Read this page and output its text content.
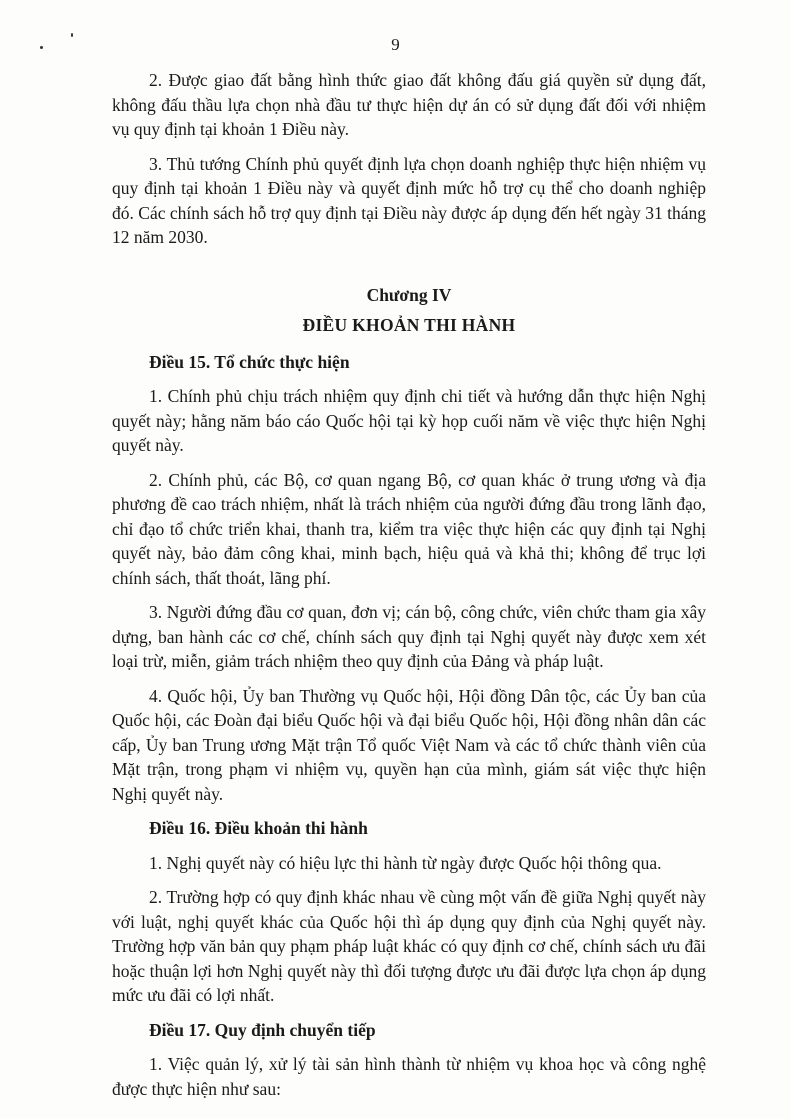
9

2. Được giao đất bằng hình thức giao đất không đấu giá quyền sử dụng đất, không đấu thầu lựa chọn nhà đầu tư thực hiện dự án có sử dụng đất đối với nhiệm vụ quy định tại khoản 1 Điều này.

3. Thủ tướng Chính phủ quyết định lựa chọn doanh nghiệp thực hiện nhiệm vụ quy định tại khoản 1 Điều này và quyết định mức hỗ trợ cụ thể cho doanh nghiệp đó. Các chính sách hỗ trợ quy định tại Điều này được áp dụng đến hết ngày 31 tháng 12 năm 2030.

Chương IV
ĐIỀU KHOẢN THI HÀNH
Điều 15. Tổ chức thực hiện

1. Chính phủ chịu trách nhiệm quy định chi tiết và hướng dẫn thực hiện Nghị quyết này; hằng năm báo cáo Quốc hội tại kỳ họp cuối năm về việc thực hiện Nghị quyết này.

2. Chính phủ, các Bộ, cơ quan ngang Bộ, cơ quan khác ở trung ương và địa phương đề cao trách nhiệm, nhất là trách nhiệm của người đứng đầu trong lãnh đạo, chỉ đạo tổ chức triển khai, thanh tra, kiểm tra việc thực hiện các quy định tại Nghị quyết này, bảo đảm công khai, minh bạch, hiệu quả và khả thi; không để trục lợi chính sách, thất thoát, lãng phí.

3. Người đứng đầu cơ quan, đơn vị; cán bộ, công chức, viên chức tham gia xây dựng, ban hành các cơ chế, chính sách quy định tại Nghị quyết này được xem xét loại trừ, miễn, giảm trách nhiệm theo quy định của Đảng và pháp luật.

4. Quốc hội, Ủy ban Thường vụ Quốc hội, Hội đồng Dân tộc, các Ủy ban của Quốc hội, các Đoàn đại biểu Quốc hội và đại biểu Quốc hội, Hội đồng nhân dân các cấp, Ủy ban Trung ương Mặt trận Tổ quốc Việt Nam và các tổ chức thành viên của Mặt trận, trong phạm vi nhiệm vụ, quyền hạn của mình, giám sát việc thực hiện Nghị quyết này.

Điều 16. Điều khoản thi hành

1. Nghị quyết này có hiệu lực thi hành từ ngày được Quốc hội thông qua.

2. Trường hợp có quy định khác nhau về cùng một vấn đề giữa Nghị quyết này với luật, nghị quyết khác của Quốc hội thì áp dụng quy định của Nghị quyết này. Trường hợp văn bản quy phạm pháp luật khác có quy định cơ chế, chính sách ưu đãi hoặc thuận lợi hơn Nghị quyết này thì đối tượng được ưu đãi được lựa chọn áp dụng mức ưu đãi có lợi nhất.

Điều 17. Quy định chuyển tiếp

1. Việc quản lý, xử lý tài sản hình thành từ nhiệm vụ khoa học và công nghệ được thực hiện như sau:
